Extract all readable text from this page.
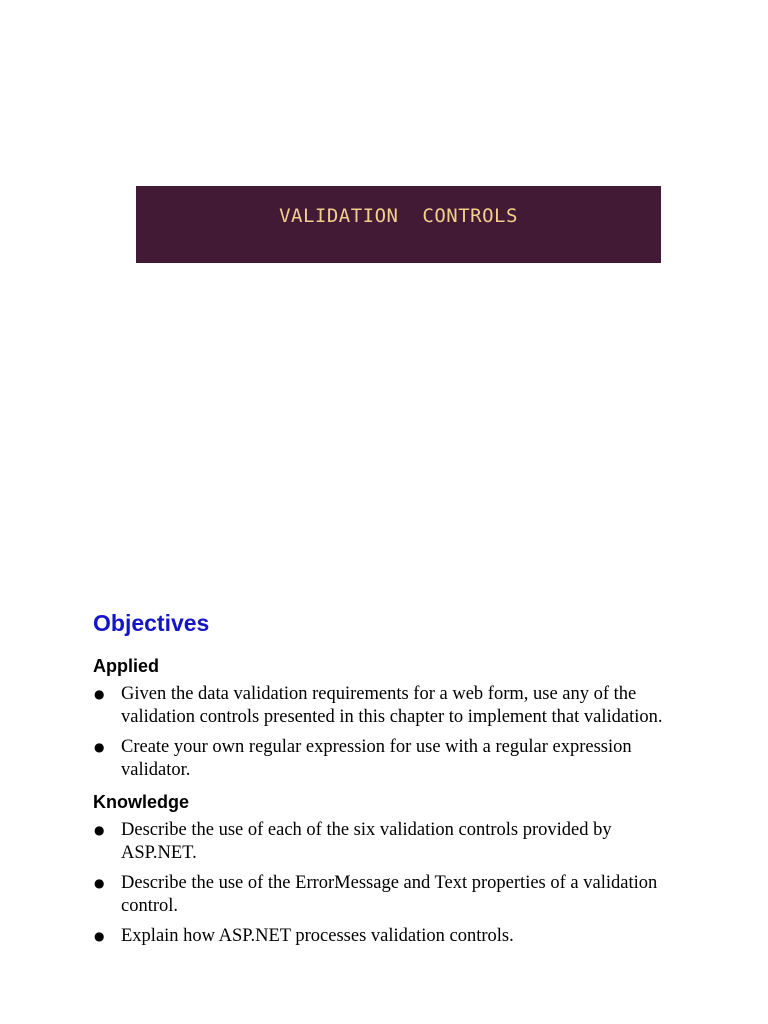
VALIDATION  CONTROLS
Objectives
Applied
● Given the data validation requirements for a web form, use any of the validation controls presented in this chapter to implement that validation.
● Create your own regular expression for use with a regular expression validator.
Knowledge
● Describe the use of each of the six validation controls provided by ASP.NET.
● Describe the use of the ErrorMessage and Text properties of a validation control.
● Explain how ASP.NET processes validation controls.
